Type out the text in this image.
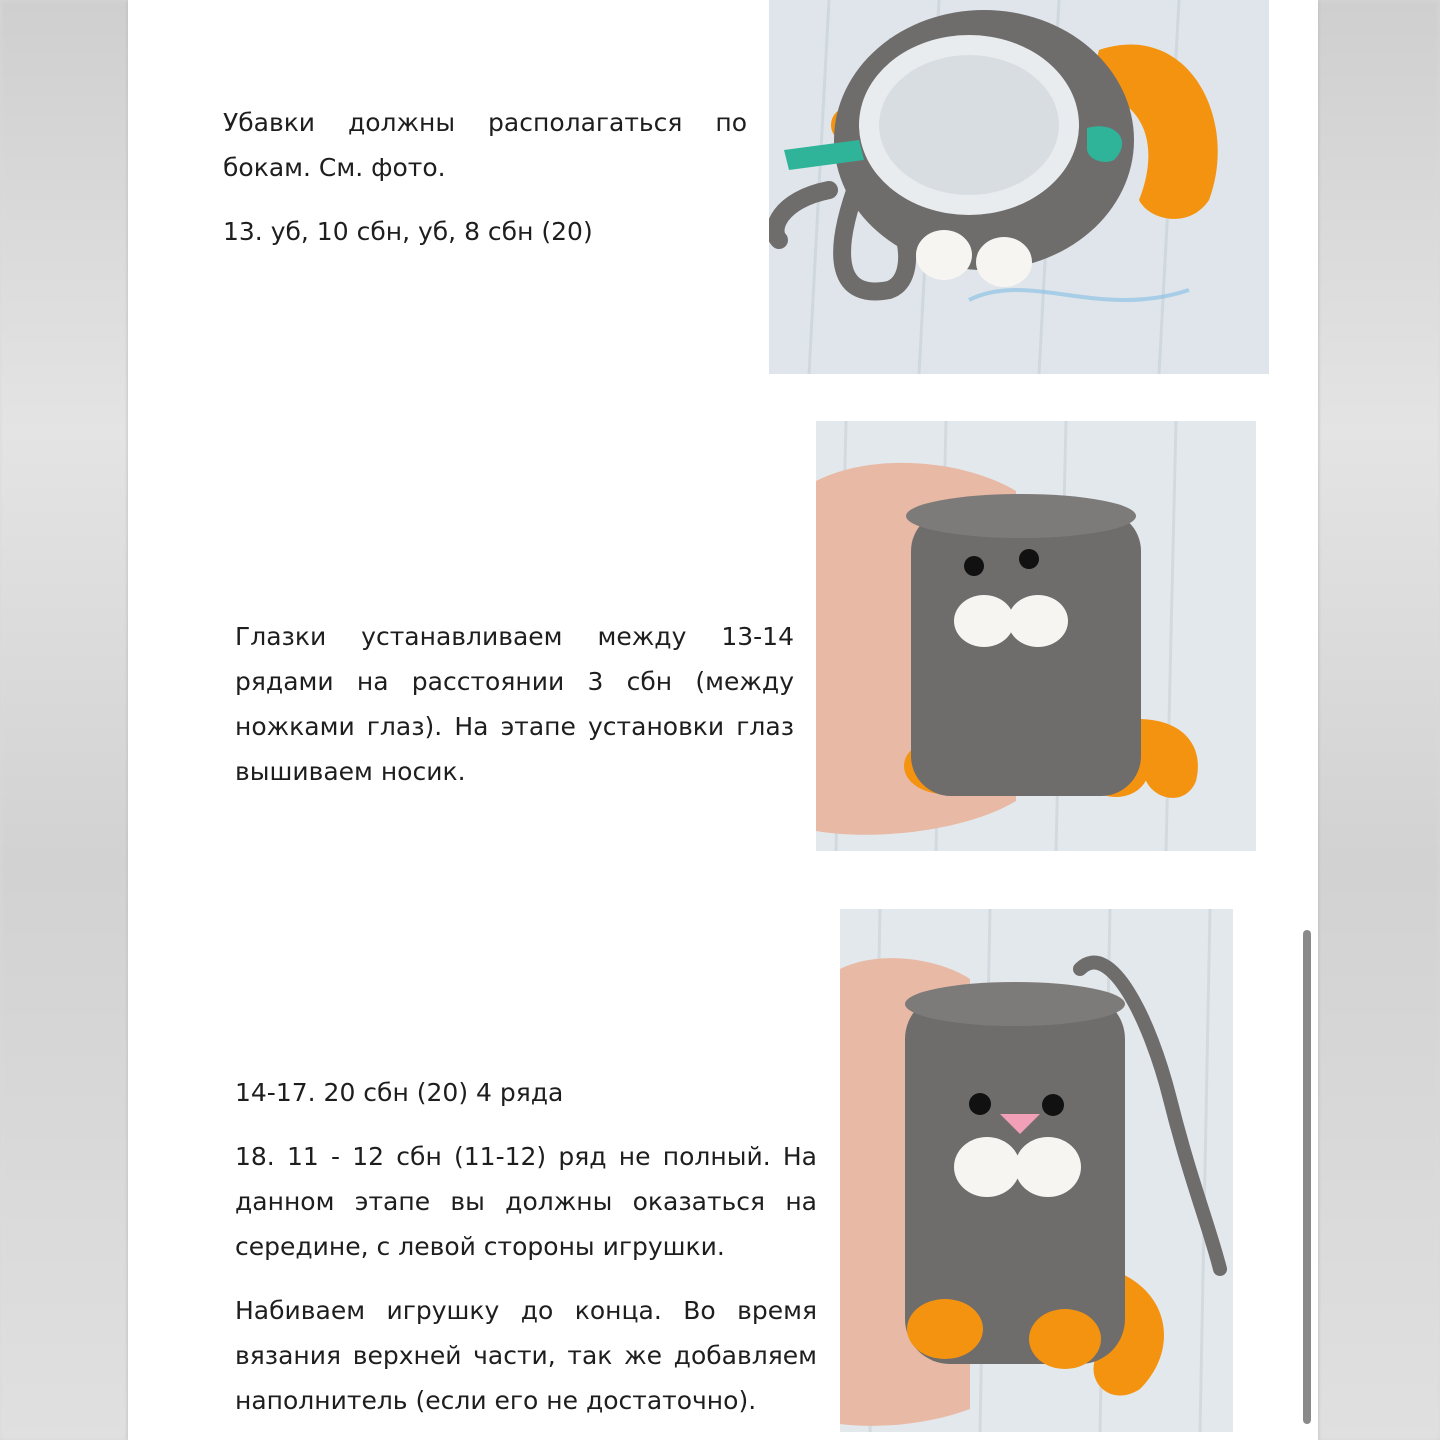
Убавки должны располагаться по бокам. См. фото.

13. уб, 10 сбн, уб, 8 сбн (20)

Глазки устанавливаем между 13-14 рядами на расстоянии 3 сбн (между ножками глаз). На этапе установки глаз вышиваем носик.

14-17. 20 сбн (20) 4 ряда

18. 11 - 12 сбн (11-12) ряд не полный. На данном этапе вы должны оказаться на середине, с левой стороны игрушки.

Набиваем игрушку до конца. Во время вязания верхней части, так же добавляем наполнитель (если его не достаточно).
